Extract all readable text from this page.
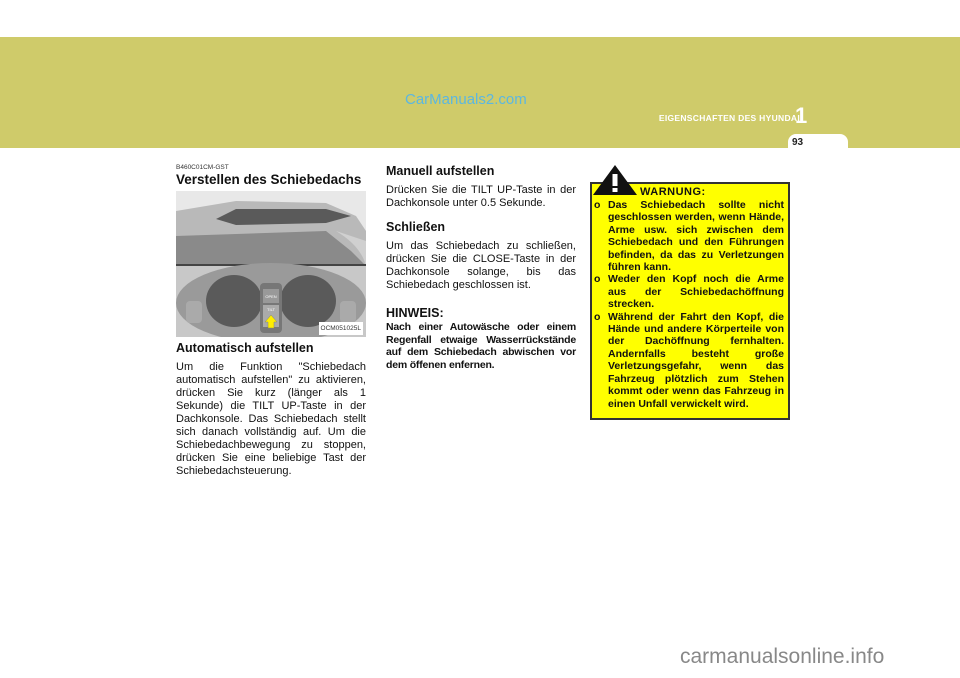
CarManuals2.com
EIGENSCHAFTEN DES HYUNDAI
1
93
B460C01CM-GST
Verstellen des Schiebedachs
OPEN
TILT
OCM051025L
Automatisch aufstellen

Um die Funktion "Schiebedach automatisch aufstellen" zu aktivieren, drücken Sie kurz (länger als 1 Sekunde) die TILT UP-Taste in der Dachkonsole. Das Schiebedach stellt sich danach vollständig auf. Um die Schiebedachbewegung zu stoppen, drücken Sie eine beliebige Tast der Schiebedachsteuerung.

Manuell aufstellen

Drücken Sie die TILT UP-Taste in der Dachkonsole unter 0.5 Sekunde.

Schließen

Um das Schiebedach zu schließen, drücken Sie die CLOSE-Taste in der Dachkonsole solange, bis das Schiebedach geschlossen ist.

HINWEIS:
Nach einer Autowäsche oder einem Regenfall etwaige Wasserrückstände auf dem Schiebedach abwischen vor dem öffenen enfernen.
WARNUNG:
o Das Schiebedach sollte nicht geschlossen werden, wenn Hände, Arme usw. sich zwischen dem Schiebedach und den Führungen befinden, da das zu Verletzungen führen kann.
o Weder den Kopf noch die Arme aus der Schiebedachöffnung strecken.
o Während der Fahrt den Kopf, die Hände und andere Körperteile von der Dachöffnung fernhalten. Andernfalls besteht große Verletzungsgefahr, wenn das Fahrzeug plötzlich zum Stehen kommt oder wenn das Fahrzeug in einen Unfall verwickelt wird.
carmanualsonline.info
